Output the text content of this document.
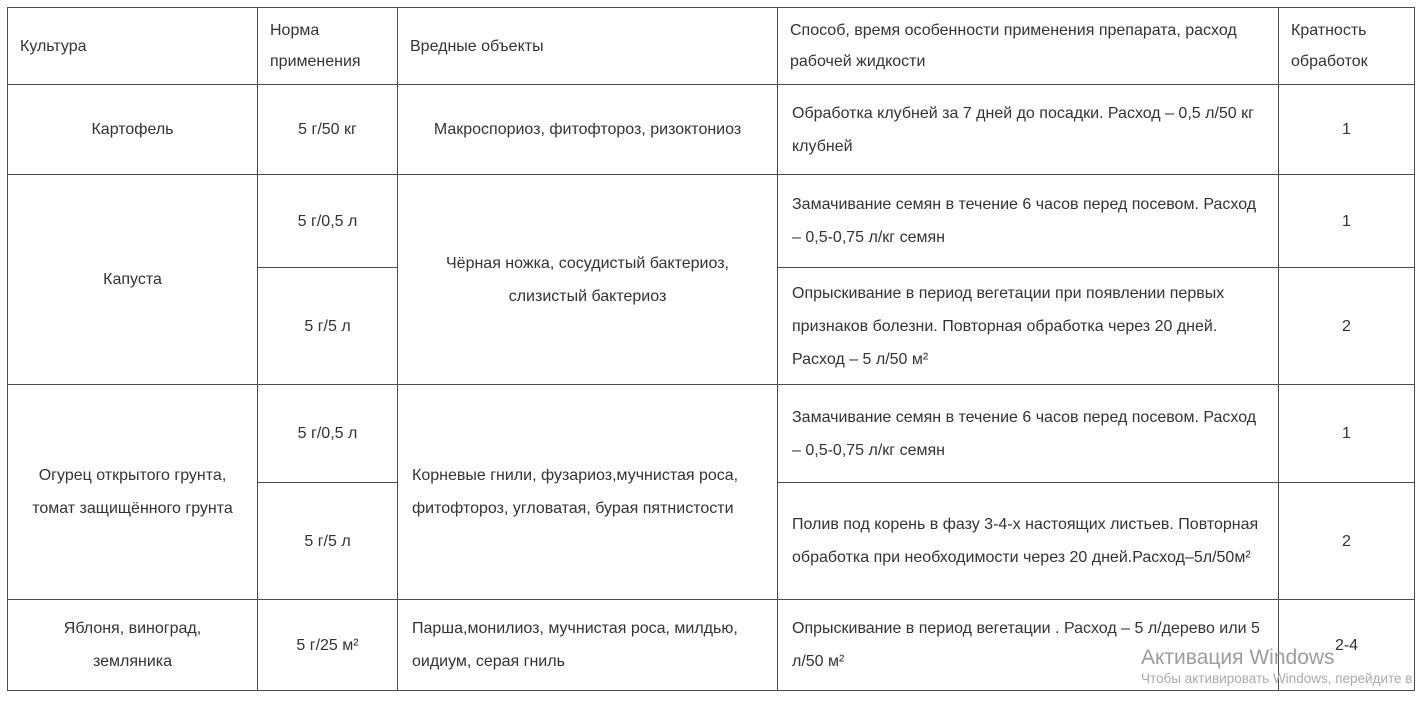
Культура	Норма применения	Вредные объекты	Способ, время особенности применения препарата, расход рабочей жидкости	Кратность обработок
Картофель	5 г/50 кг	Макроспориоз, фитофтороз, ризоктониоз	Обработка клубней за 7 дней до посадки. Расход – 0,5 л/50 кг клубней	1
Капуста	5 г/0,5 л	Чёрная ножка, сосудистый бактериоз, слизистый бактериоз	Замачивание семян в течение 6 часов перед посевом. Расход – 0,5-0,75 л/кг семян	1
	5 г/5 л		Опрыскивание в период вегетации при появлении первых признаков болезни. Повторная обработка через 20 дней. Расход – 5 л/50 м²	2
Огурец открытого грунта, томат защищённого грунта	5 г/0,5 л	Корневые гнили, фузариоз,мучнистая роса, фитофтороз, угловатая, бурая пятнистости	Замачивание семян в течение 6 часов перед посевом. Расход – 0,5-0,75 л/кг семян	1
	5 г/5 л		Полив под корень в фазу 3-4-х настоящих листьев. Повторная обработка при необходимости через 20 дней.Расход–5л/50м²	2
Яблоня, виноград, земляника	5 г/25 м²	Парша,монилиоз, мучнистая роса, милдью, оидиум, серая гниль	Опрыскивание в период вегетации . Расход – 5 л/дерево или 5 л/50 м²	2-4
Активация Windows
Чтобы активировать Windows, перейдите в
